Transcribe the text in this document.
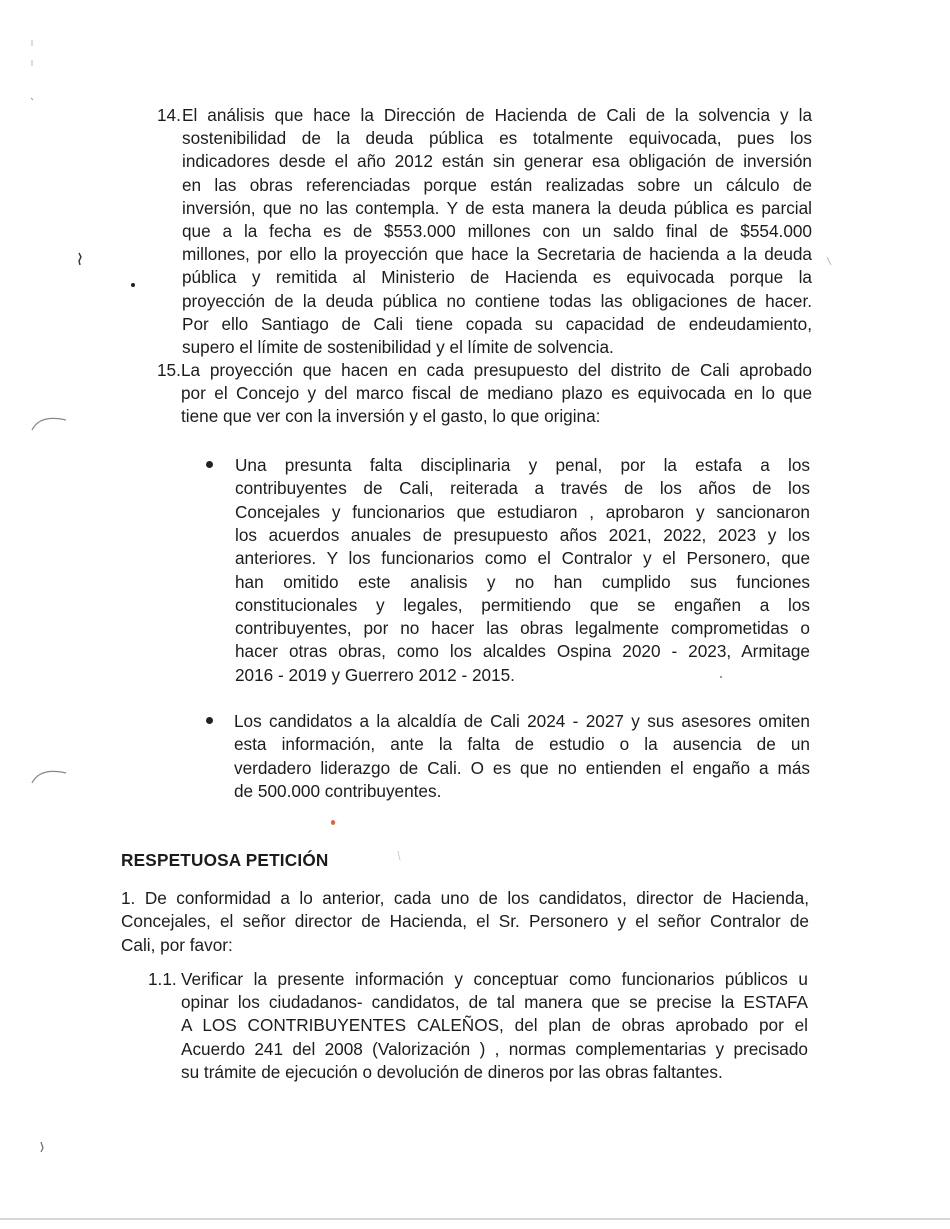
14. El análisis que hace la Dirección de Hacienda de Cali de la solvencia y la
sostenibilidad de la deuda pública es totalmente equivocada, pues los
indicadores desde el año 2012 están sin generar esa obligación de inversión
en las obras referenciadas porque están realizadas sobre un cálculo de
inversión, que no las contempla. Y de esta manera la deuda pública es parcial
que a la fecha es de $553.000 millones con un saldo final de $554.000
millones, por ello la proyección que hace la Secretaria de hacienda a la deuda
pública y remitida al Ministerio de Hacienda es equivocada porque la
proyección de la deuda pública no contiene todas las obligaciones de hacer.
Por ello Santiago de Cali tiene copada su capacidad de endeudamiento,
supero el límite de sostenibilidad y el límite de solvencia.
15. La proyección que hacen en cada presupuesto del distrito de Cali aprobado
por el Concejo y del marco fiscal de mediano plazo es equivocada en lo que
tiene que ver con la inversión y el gasto, lo que origina:
Una presunta falta disciplinaria y penal, por la estafa a los
contribuyentes de Cali, reiterada a través de los años de los
Concejales y funcionarios que estudiaron , aprobaron y sancionaron
los acuerdos anuales de presupuesto años 2021, 2022, 2023 y los
anteriores. Y los funcionarios como el Contralor y el Personero, que
han omitido este analisis y no han cumplido sus funciones
constitucionales y legales, permitiendo que se engañen a los
contribuyentes, por no hacer las obras legalmente comprometidas o
hacer otras obras, como los alcaldes Ospina 2020 - 2023, Armitage
2016 - 2019 y Guerrero 2012 - 2015.
Los candidatos a la alcaldía de Cali 2024 - 2027 y sus asesores omiten
esta información, ante la falta de estudio o la ausencia de un
verdadero liderazgo de Cali. O es que no entienden el engaño a más
de 500.000 contribuyentes.
RESPETUOSA PETICIÓN
1. De conformidad a lo anterior, cada uno de los candidatos, director de Hacienda,
Concejales, el señor director de Hacienda, el Sr. Personero y el señor Contralor de
Cali, por favor:
1.1. Verificar la presente información y conceptuar como funcionarios públicos u
opinar los ciudadanos- candidatos, de tal manera que se precise la ESTAFA
A LOS CONTRIBUYENTES CALEÑOS, del plan de obras aprobado por el
Acuerdo 241 del 2008 (Valorización ) , normas complementarias y precisado
su trámite de ejecución o devolución de dineros por las obras faltantes.
